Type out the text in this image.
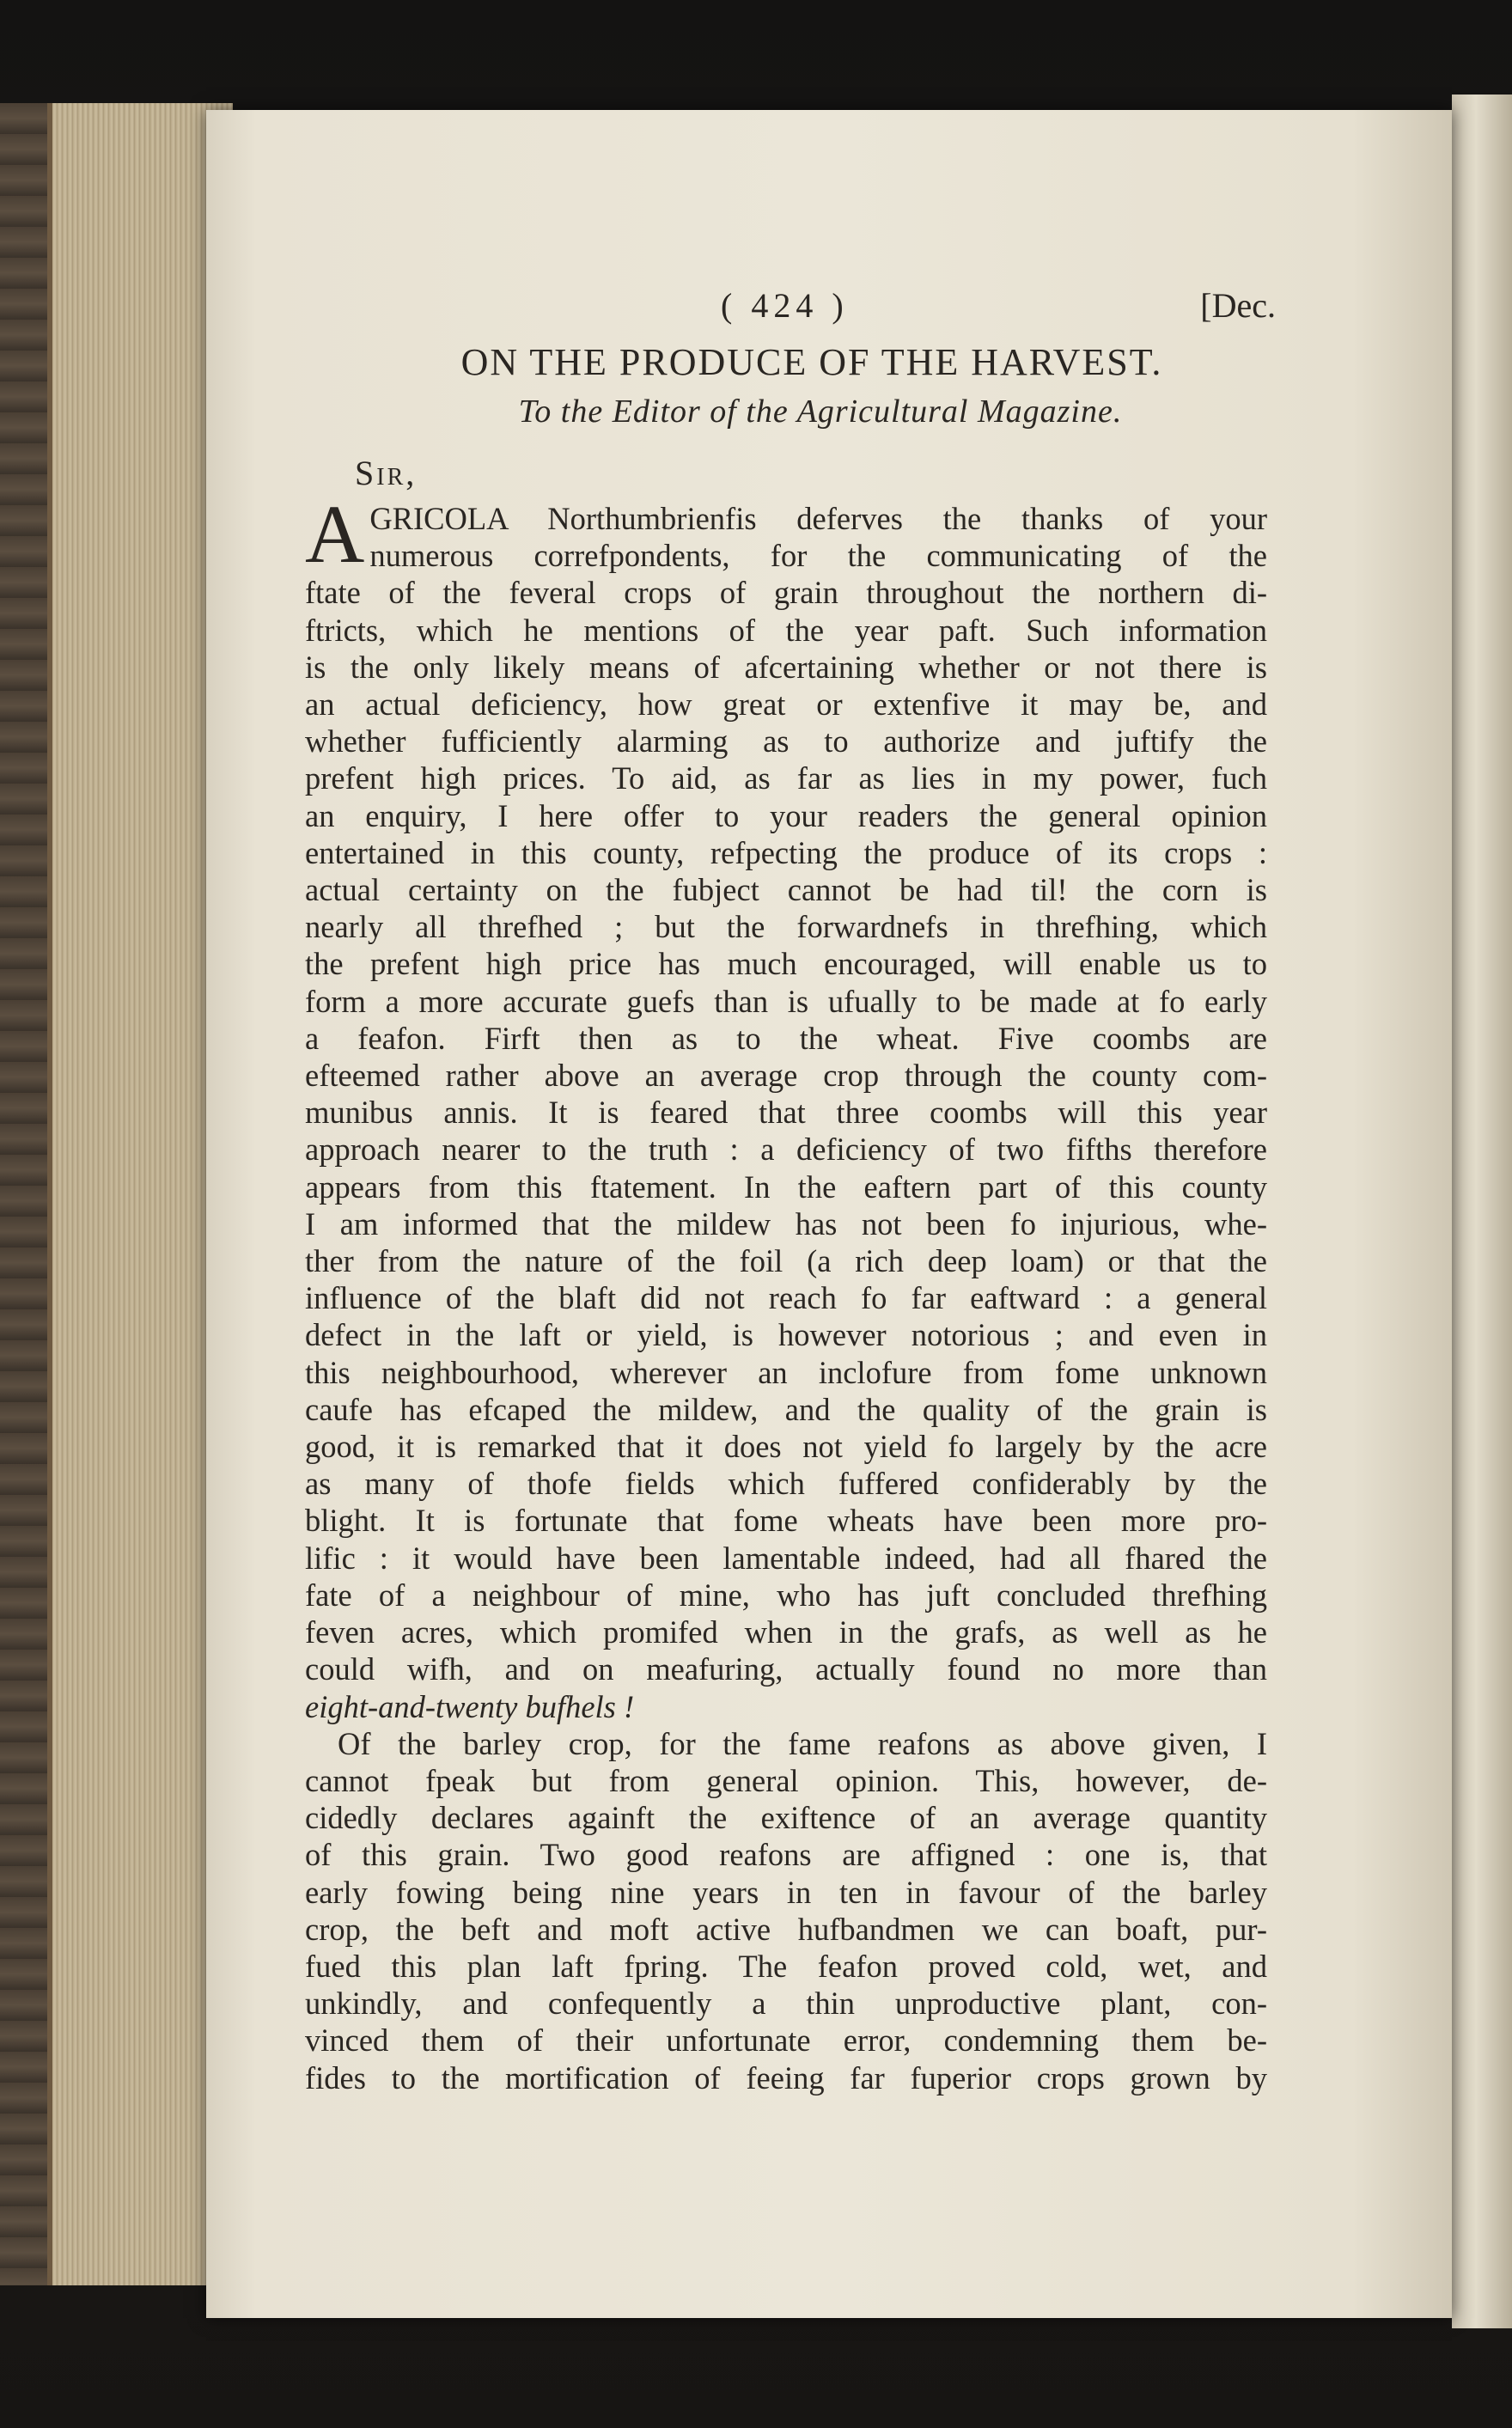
( 424 )	[Dec.
ON THE PRODUCE OF THE HARVEST.
To the Editor of the Agricultural Magazine.
Sir,

A GRICOLA Northumbrienfis deferves the thanks of your
numerous correfpondents, for the communicating of the
ftate of the feveral crops of grain throughout the northern di-
ftricts, which he mentions of the year paft. Such information
is the only likely means of afcertaining whether or not there is
an actual deficiency, how great or extenfive it may be, and
whether fufficiently alarming as to authorize and juftify the
prefent high prices. To aid, as far as lies in my power, fuch
an enquiry, I here offer to your readers the general opinion
entertained in this county, refpecting the produce of its crops :
actual certainty on the fubject cannot be had til! the corn is
nearly all threfhed ; but the forwardnefs in threfhing, which
the prefent high price has much encouraged, will enable us to
form a more accurate guefs than is ufually to be made at fo early
a feafon. Firft then as to the wheat. Five coombs are
efteemed rather above an average crop through the county com-
munibus annis. It is feared that three coombs will this year
approach nearer to the truth : a deficiency of two fifths therefore
appears from this ftatement. In the eaftern part of this county
I am informed that the mildew has not been fo injurious, whe-
ther from the nature of the foil (a rich deep loam) or that the
influence of the blaft did not reach fo far eaftward : a general
defect in the laft or yield, is however notorious ; and even in
this neighbourhood, wherever an inclofure from fome unknown
caufe has efcaped the mildew, and the quality of the grain is
good, it is remarked that it does not yield fo largely by the acre
as many of thofe fields which fuffered confiderably by the
blight. It is fortunate that fome wheats have been more pro-
lific : it would have been lamentable indeed, had all fhared the
fate of a neighbour of mine, who has juft concluded threfhing
feven acres, which promifed when in the grafs, as well as he
could wifh, and on meafuring, actually found no more than
eight-and-twenty bufhels !

Of the barley crop, for the fame reafons as above given, I
cannot fpeak but from general opinion. This, however, de-
cidedly declares againft the exiftence of an average quantity
of this grain. Two good reafons are affigned : one is, that
early fowing being nine years in ten in favour of the barley
crop, the beft and moft active hufbandmen we can boaft, pur-
fued this plan laft fpring. The feafon proved cold, wet, and
unkindly, and confequently a thin unproductive plant, con-
vinced them of their unfortunate error, condemning them be-
fides to the mortification of feeing far fuperior crops grown by
